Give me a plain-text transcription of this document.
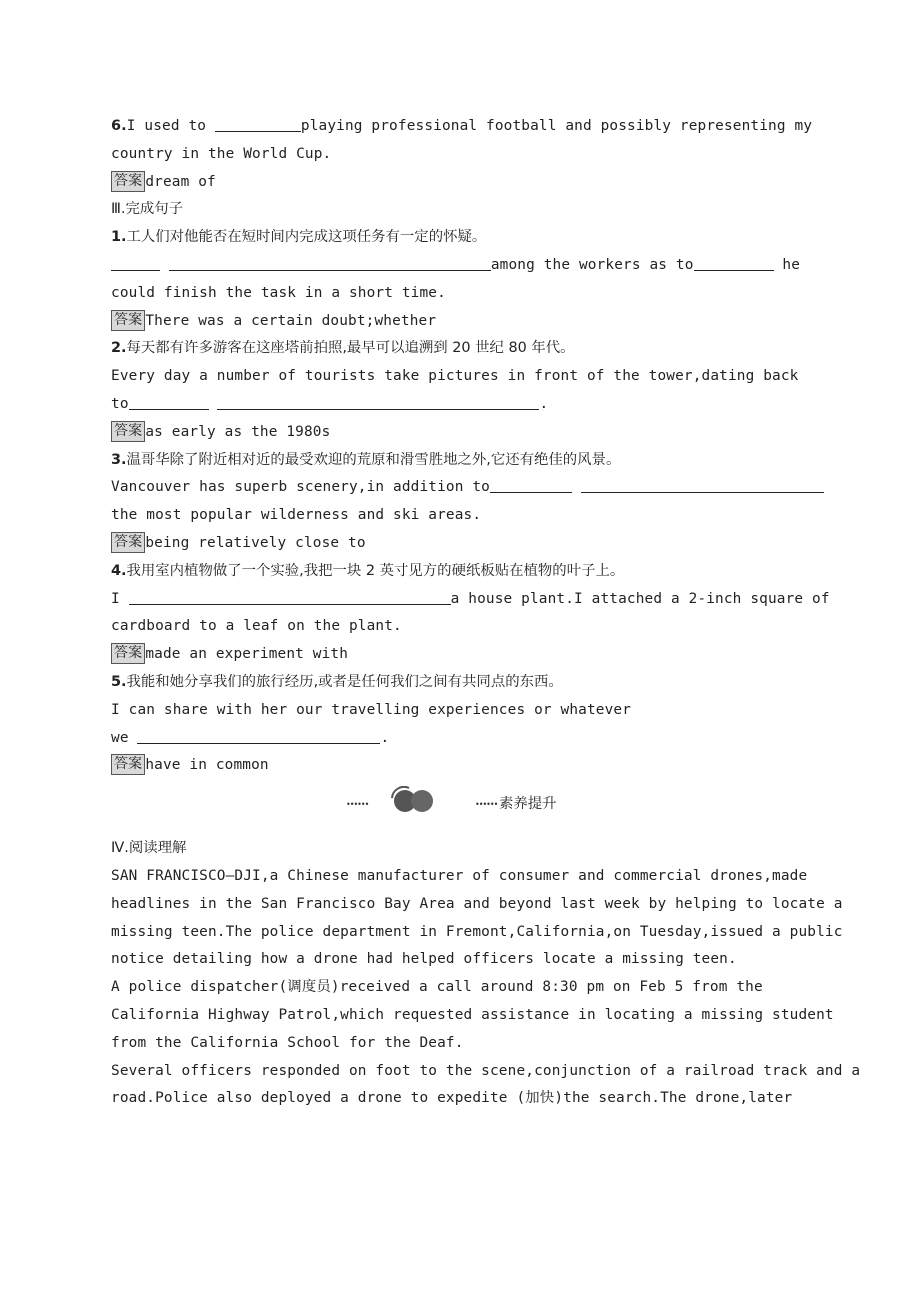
6.I used to	playing professional football and possibly representing my
country in the World Cup.
答案 dream of
Ⅲ.完成句子
1.工人们对他能否在短时间内完成这项任务有一定的怀疑。
among the workers as to	he
could finish the task in a short time.
答案 There was a certain doubt;whether
2.每天都有许多游客在这座塔前拍照,最早可以追溯到 20 世纪 80 年代。
Every day a number of tourists take pictures in front of the tower,dating back
to	.
答案 as early as the 1980s
3.温哥华除了附近相对近的最受欢迎的荒原和滑雪胜地之外,它还有绝佳的风景。
Vancouver has superb scenery,in addition to
the most popular wilderness and ski areas.
答案 being relatively close to
4.我用室内植物做了一个实验,我把一块 2 英寸见方的硬纸板贴在植物的叶子上。
I	a house plant.I attached a 2-inch square of
cardboard to a leaf on the plant.
答案 made an experiment with
5.我能和她分享我们的旅行经历,或者是任何我们之间有共同点的东西。
I can share with her our travelling experiences or whatever
we	.
答案 have in common
••••••	•••••• 素养提升
Ⅳ.阅读理解
SAN FRANCISCO—DJI,a Chinese manufacturer of consumer and commercial drones,made
headlines in the San Francisco Bay Area and beyond last week by helping to locate a
missing teen.The police department in Fremont,California,on Tuesday,issued a public
notice detailing how a drone had helped officers locate a missing teen.
A police dispatcher(调度员)received a call around 8:30 pm on Feb 5 from the
California Highway Patrol,which requested assistance in locating a missing student
from the California School for the Deaf.
Several officers responded on foot to the scene,conjunction of a railroad track and a
road.Police also deployed a drone to expedite (加快)the search.The drone,later
